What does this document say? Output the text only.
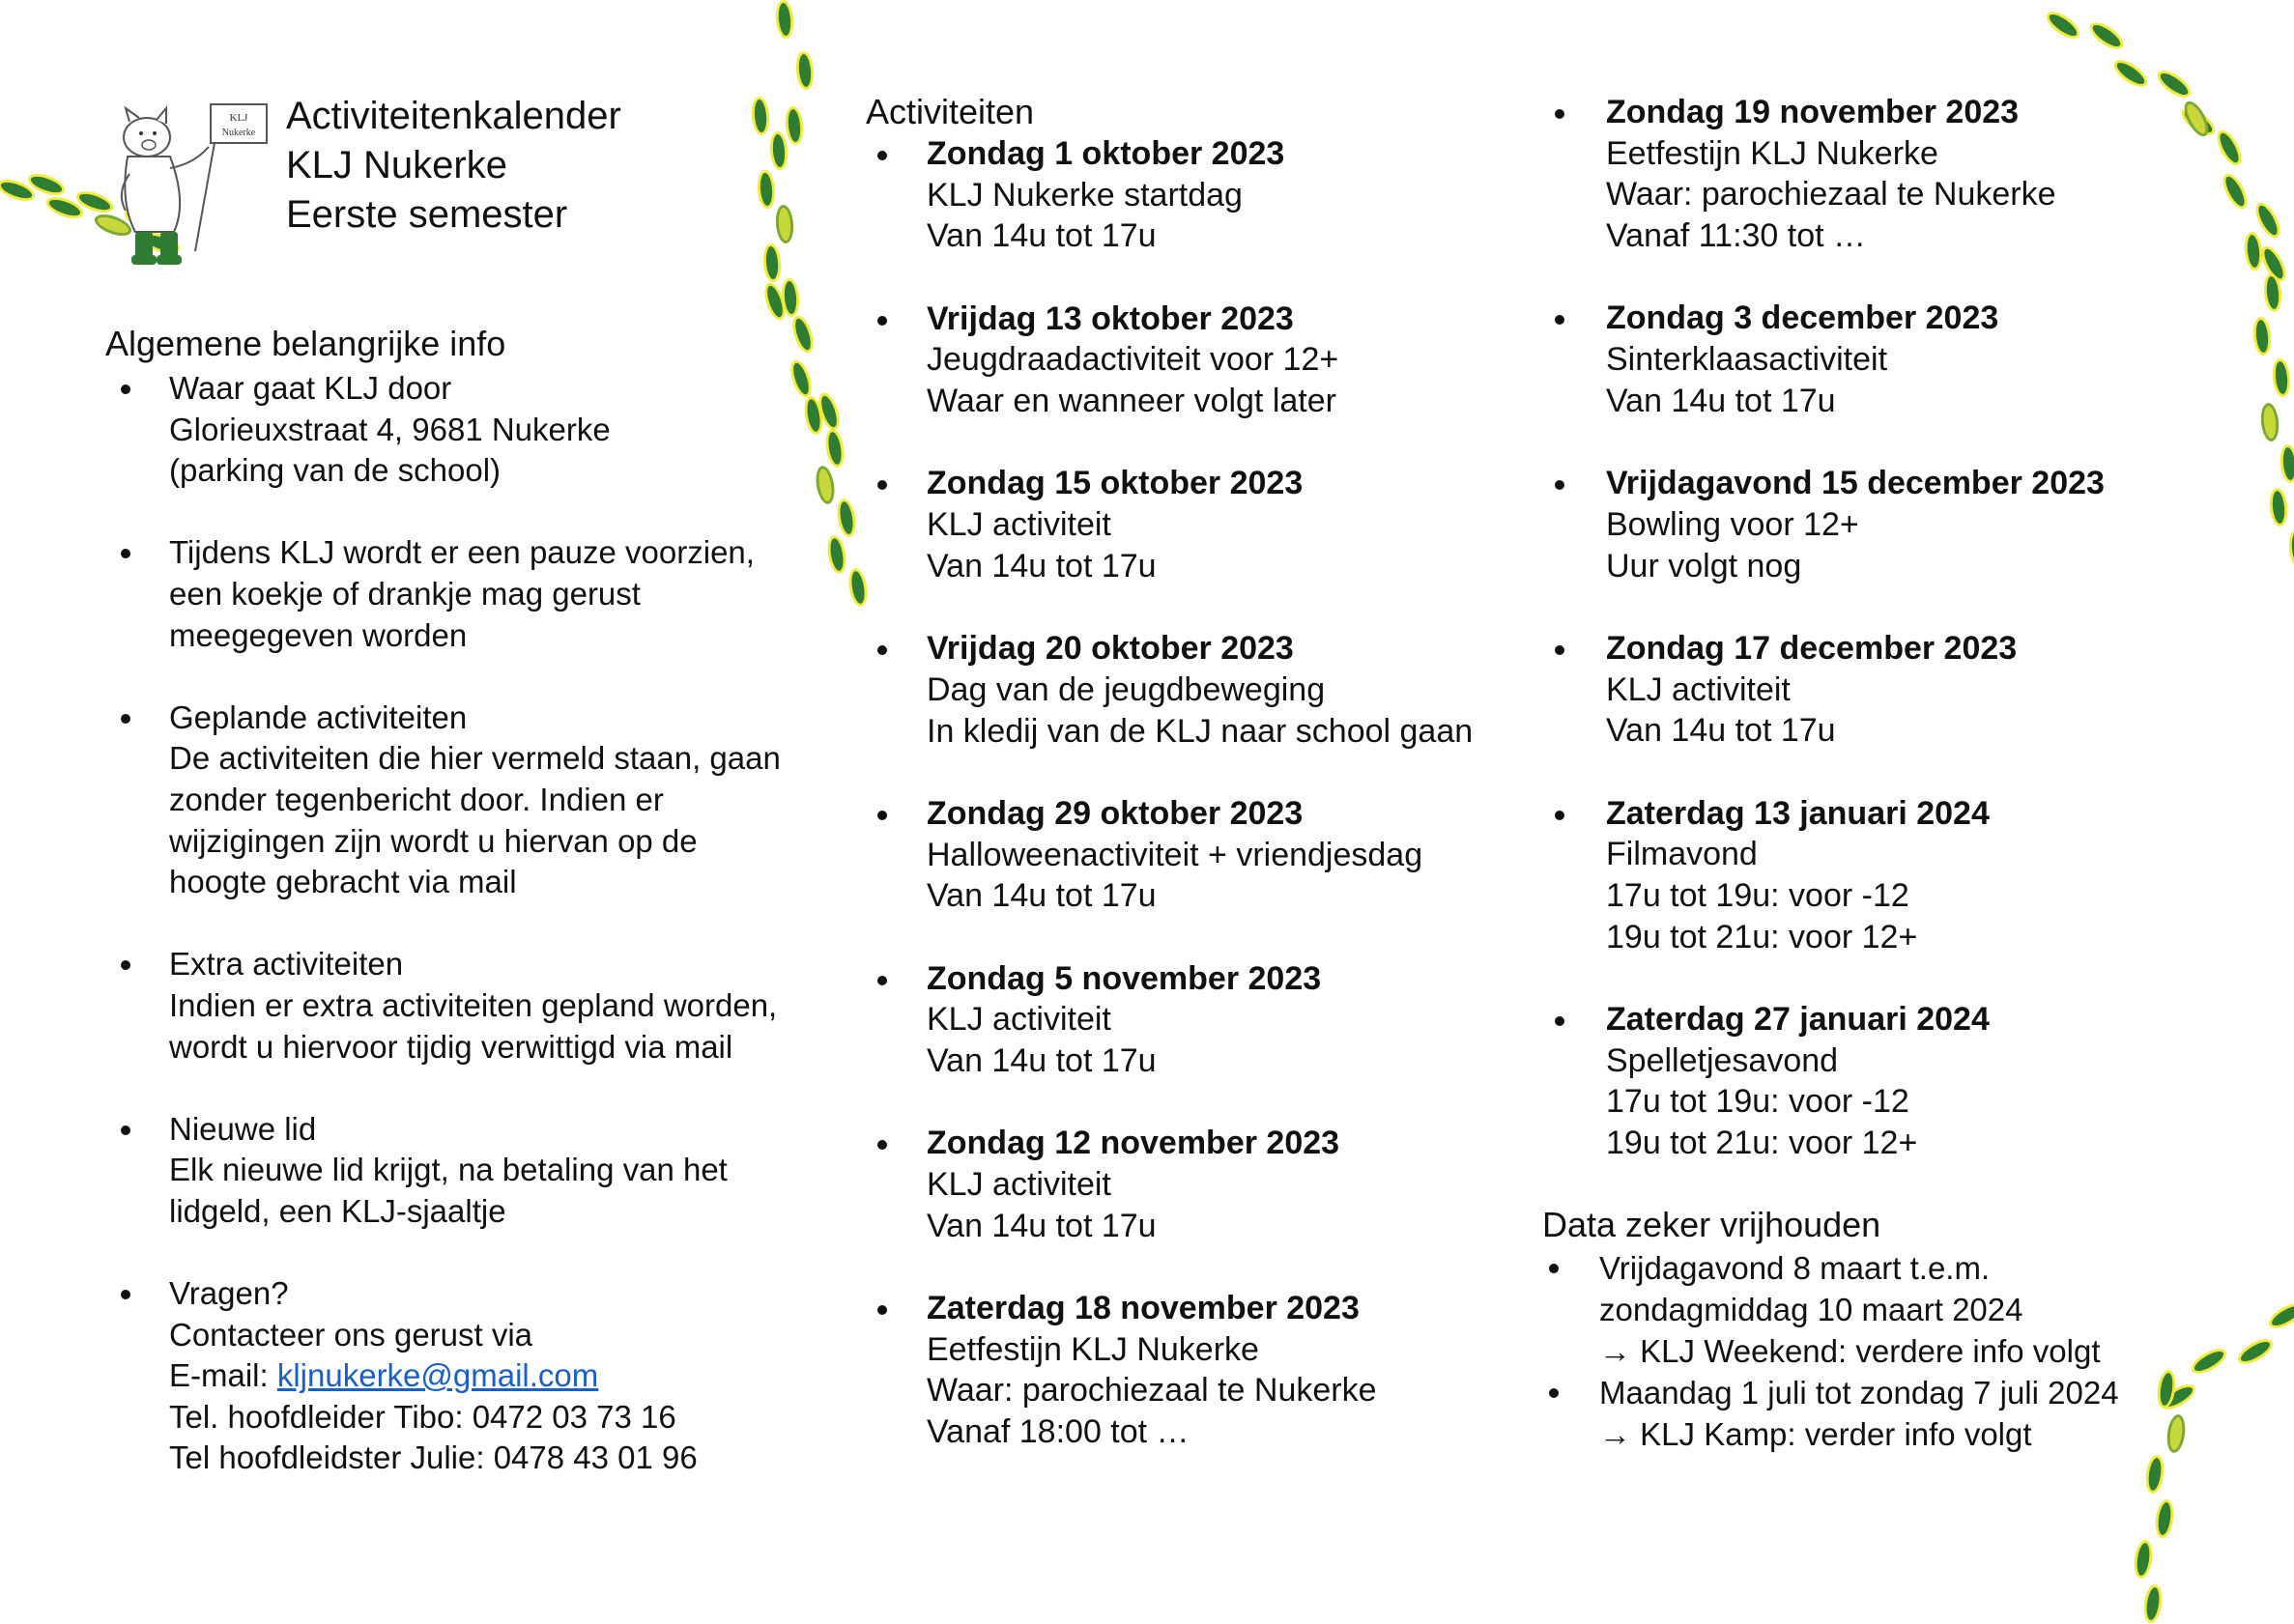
KLJ
Nukerke Activiteitenkalender
KLJ Nukerke
Eerste semester
Algemene belangrijke info
Waar gaat KLJ door
Glorieuxstraat 4, 9681 Nukerke
(parking van de school)
Tijdens KLJ wordt er een pauze voorzien,
een koekje of drankje mag gerust
meegegeven worden
Geplande activiteiten
De activiteiten die hier vermeld staan, gaan
zonder tegenbericht door. Indien er
wijzigingen zijn wordt u hiervan op de
hoogte gebracht via mail
Extra activiteiten
Indien er extra activiteiten gepland worden,
wordt u hiervoor tijdig verwittigd via mail
Nieuwe lid
Elk nieuwe lid krijgt, na betaling van het
lidgeld, een KLJ-sjaaltje
Vragen?
Contacteer ons gerust via
E-mail: kljnukerke@gmail.com
Tel. hoofdleider Tibo: 0472 03 73 16
Tel hoofdleidster Julie: 0478 43 01 96
Activiteiten
Zondag 1 oktober 2023
KLJ Nukerke startdag
Van 14u tot 17u
Vrijdag 13 oktober 2023
Jeugdraadactiviteit voor 12+
Waar en wanneer volgt later
Zondag 15 oktober 2023
KLJ activiteit
Van 14u tot 17u
Vrijdag 20 oktober 2023
Dag van de jeugdbeweging
In kledij van de KLJ naar school gaan
Zondag 29 oktober 2023
Halloweenactiviteit + vriendjesdag
Van 14u tot 17u
Zondag 5 november 2023
KLJ activiteit
Van 14u tot 17u
Zondag 12 november 2023
KLJ activiteit
Van 14u tot 17u
Zaterdag 18 november 2023
Eetfestijn KLJ Nukerke
Waar: parochiezaal te Nukerke
Vanaf 18:00 tot …
Zondag 19 november 2023
Eetfestijn KLJ Nukerke
Waar: parochiezaal te Nukerke
Vanaf 11:30 tot …
Zondag 3 december 2023
Sinterklaasactiviteit
Van 14u tot 17u
Vrijdagavond 15 december 2023
Bowling voor 12+
Uur volgt nog
Zondag 17 december 2023
KLJ activiteit
Van 14u tot 17u
Zaterdag 13 januari 2024
Filmavond
17u tot 19u: voor -12
19u tot 21u: voor 12+
Zaterdag 27 januari 2024
Spelletjesavond
17u tot 19u: voor -12
19u tot 21u: voor 12+
Data zeker vrijhouden
Vrijdagavond 8 maart t.e.m.
zondagmiddag 10 maart 2024
→ KLJ Weekend: verdere info volgt
Maandag 1 juli tot zondag 7 juli 2024
→ KLJ Kamp: verder info volgt
